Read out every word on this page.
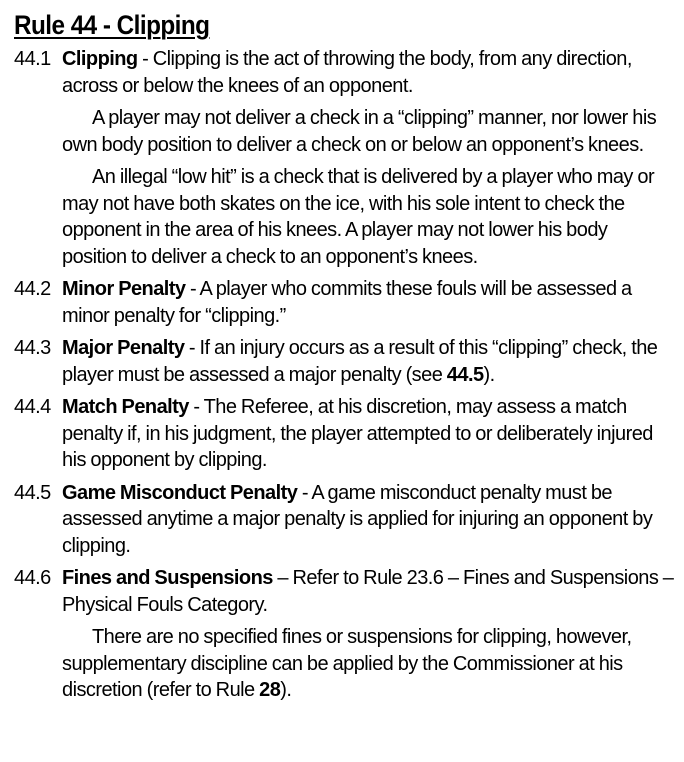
Rule 44 - Clipping
44.1 Clipping - Clipping is the act of throwing the body, from any direction, across or below the knees of an opponent.

A player may not deliver a check in a “clipping” manner, nor lower his own body position to deliver a check on or below an opponent’s knees.

An illegal “low hit” is a check that is delivered by a player who may or may not have both skates on the ice, with his sole intent to check the opponent in the area of his knees. A player may not lower his body position to deliver a check to an opponent’s knees.

44.2 Minor Penalty - A player who commits these fouls will be assessed a minor penalty for “clipping.”

44.3 Major Penalty - If an injury occurs as a result of this “clipping” check, the player must be assessed a major penalty (see 44.5).

44.4 Match Penalty - The Referee, at his discretion, may assess a match penalty if, in his judgment, the player attempted to or deliberately injured his opponent by clipping.

44.5 Game Misconduct Penalty - A game misconduct penalty must be assessed anytime a major penalty is applied for injuring an opponent by clipping.

44.6 Fines and Suspensions – Refer to Rule 23.6 – Fines and Suspensions – Physical Fouls Category.

There are no specified fines or suspensions for clipping, however, supplementary discipline can be applied by the Commissioner at his discretion (refer to Rule 28).
